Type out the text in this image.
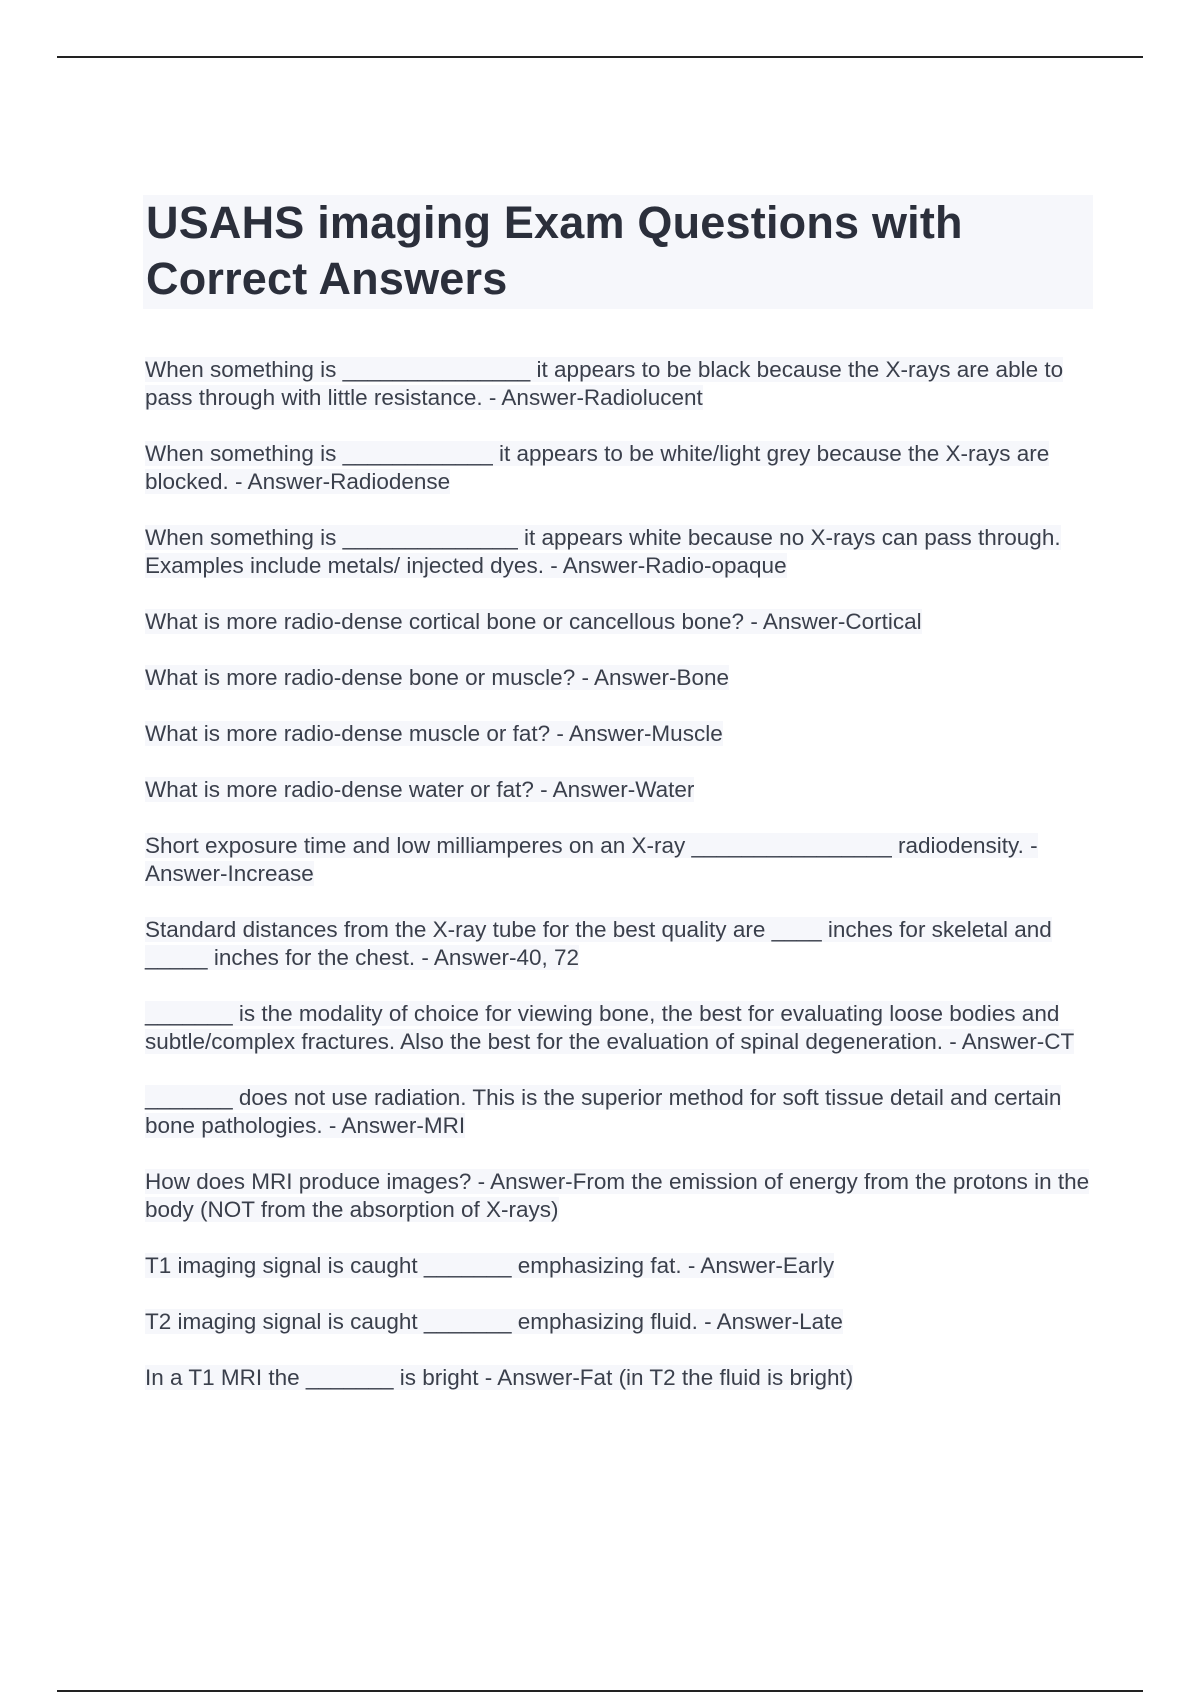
USAHS imaging Exam Questions with Correct Answers
When something is _______________ it appears to be black because the X-rays are able to pass through with little resistance. - Answer-Radiolucent
When something is ____________ it appears to be white/light grey because the X-rays are blocked. - Answer-Radiodense
When something is ______________ it appears white because no X-rays can pass through. Examples include metals/ injected dyes. - Answer-Radio-opaque
What is more radio-dense cortical bone or cancellous bone? - Answer-Cortical
What is more radio-dense bone or muscle? - Answer-Bone
What is more radio-dense muscle or fat? - Answer-Muscle
What is more radio-dense water or fat? - Answer-Water
Short exposure time and low milliamperes on an X-ray ________________ radiodensity. - Answer-Increase
Standard distances from the X-ray tube for the best quality are ____ inches for skeletal and _____ inches for the chest. - Answer-40, 72
_______ is the modality of choice for viewing bone, the best for evaluating loose bodies and subtle/complex fractures. Also the best for the evaluation of spinal degeneration. - Answer-CT
_______ does not use radiation. This is the superior method for soft tissue detail and certain bone pathologies. - Answer-MRI
How does MRI produce images? - Answer-From the emission of energy from the protons in the body (NOT from the absorption of X-rays)
T1 imaging signal is caught _______ emphasizing fat. - Answer-Early
T2 imaging signal is caught _______ emphasizing fluid. - Answer-Late
In a T1 MRI the _______ is bright - Answer-Fat (in T2 the fluid is bright)
